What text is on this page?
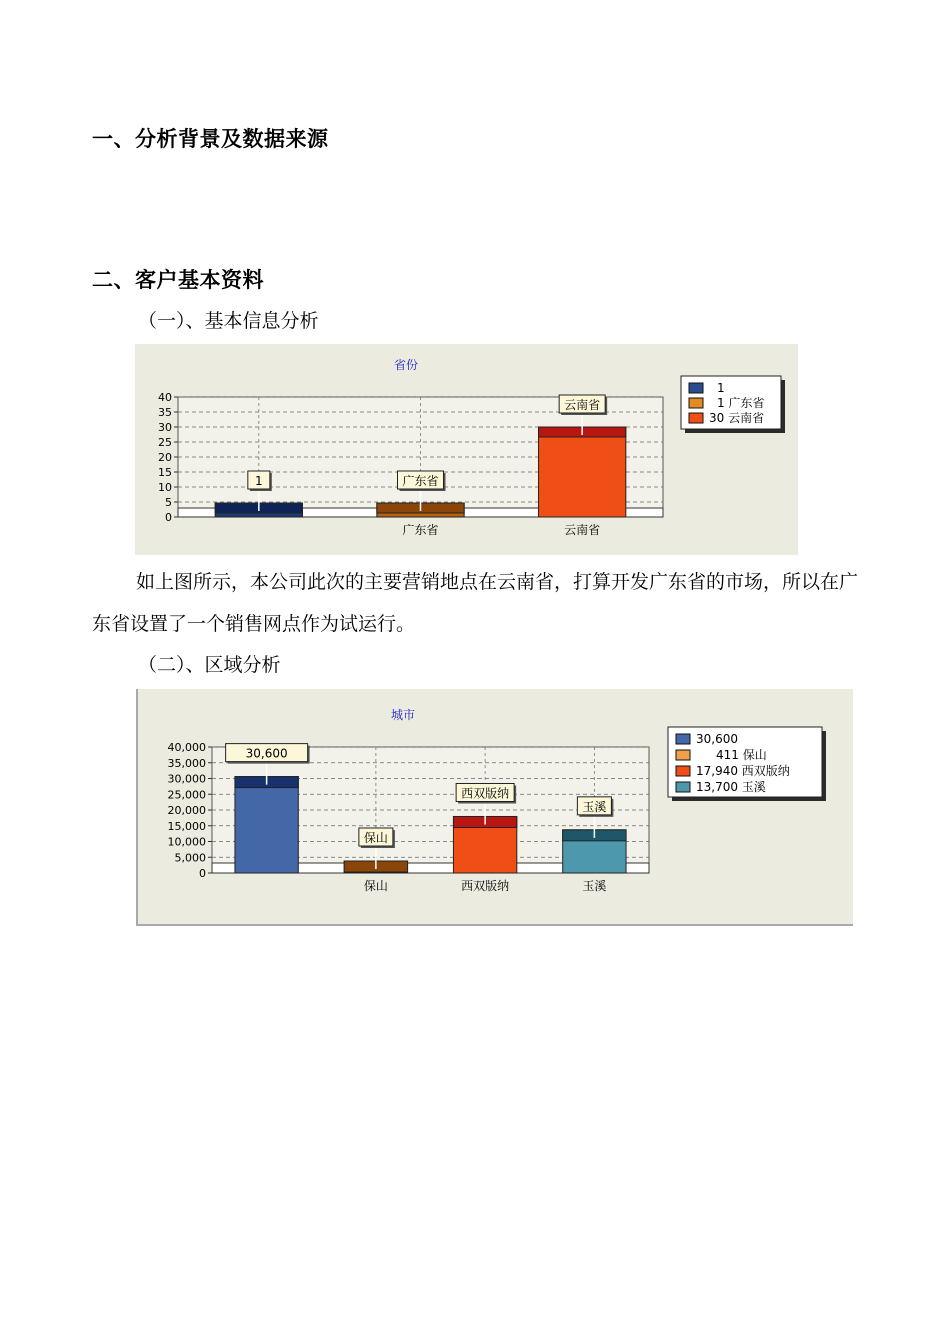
一、分析背景及数据来源
二、客户基本资料
（一）、基本信息分析
省份
0
5
10
15
20
25
30
35
40
1	广东省
广东省
云南省
云南省
1
1 广东省
30 云南省
如上图所示，本公司此次的主要营销地点在云南省，打算开发广东省的市场，所以在广东省设置了一个销售网点作为试运行。
（二）、区域分析
城市
0
5,000
10,000
15,000
20,000
25,000
30,000
35,000
40,000	30,600
保山
保山
西双版纳
西双版纳
玉溪
玉溪
30,600
411 保山
17,940 西双版纳
13,700 玉溪
